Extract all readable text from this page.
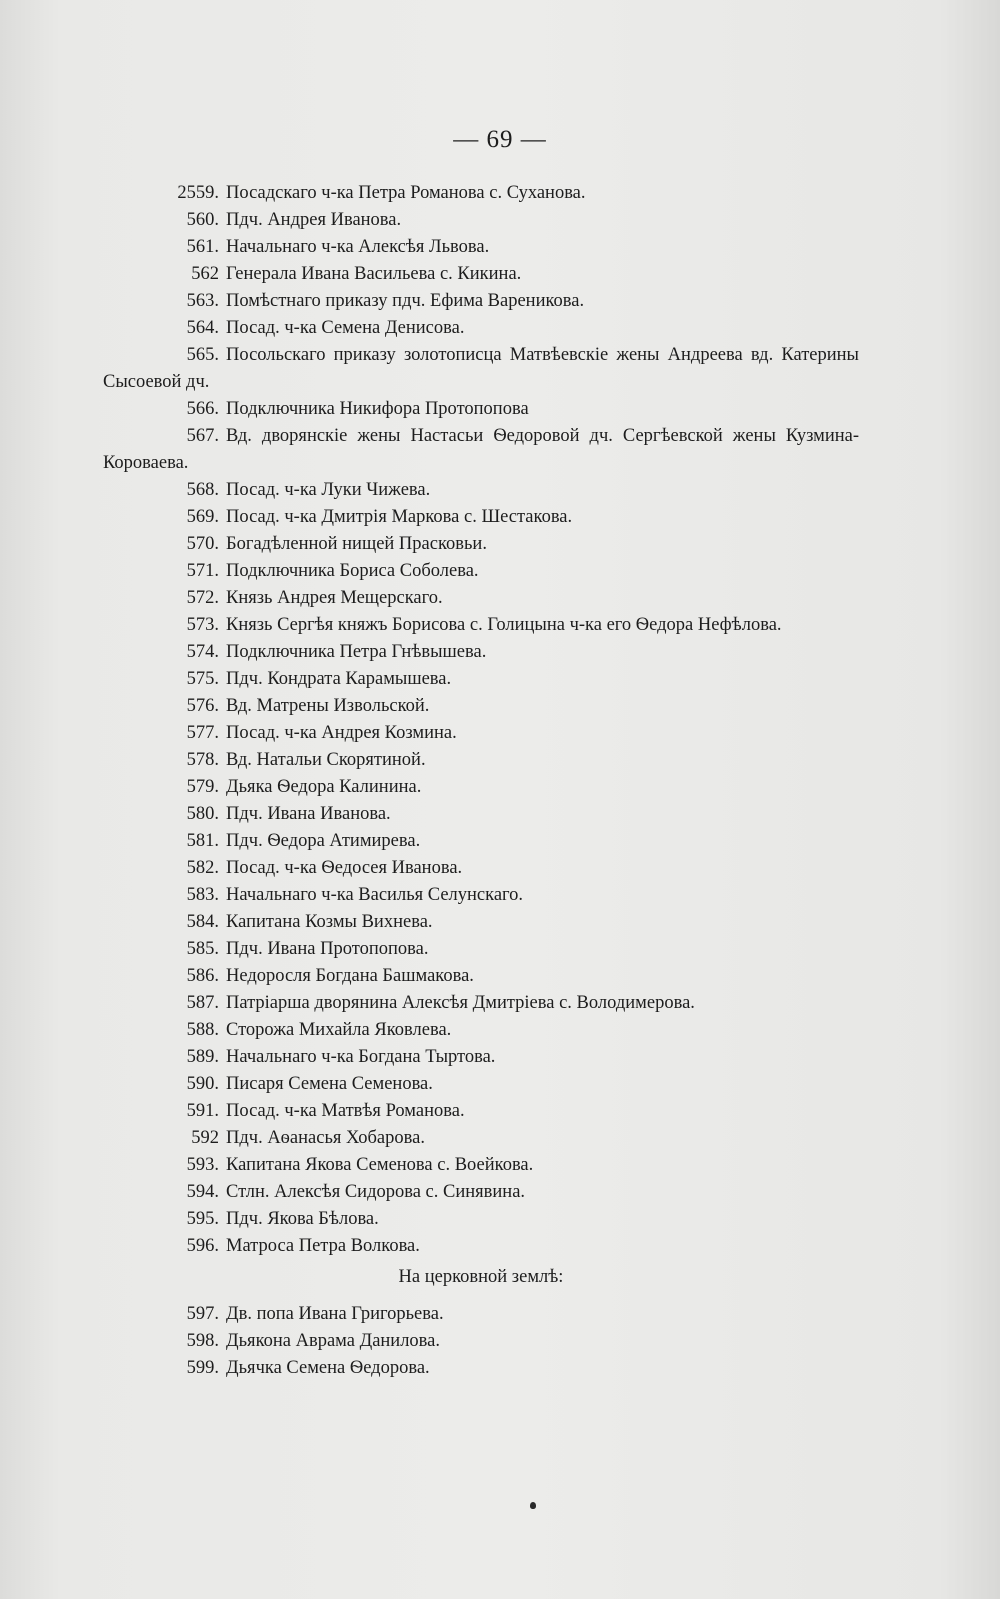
— 69 —
2559. Посадскаго ч-ка Петра Романова с. Суханова.
560. Пдч. Андрея Иванова.
561. Начальнаго ч-ка Алексѣя Львова.
562 Генерала Ивана Васильева с. Кикина.
563. Помѣстнаго приказу пдч. Ефима Вареникова.
564. Посад. ч-ка Семена Денисова.
565. Посольскаго приказу золотописца Матвѣевскіе жены Андреева вд. Катерины Сысоевой дч.
566. Подключника Никифора Протопопова
567. Вд. дворянскіе жены Настасьи Ѳедоровой дч. Сергѣевской жены Кузмина-Короваева.
568. Посад. ч-ка Луки Чижева.
569. Посад. ч-ка Дмитрія Маркова с. Шестакова.
570. Богадѣленной нищей Прасковьи.
571. Подключника Бориса Соболева.
572. Князь Андрея Мещерскаго.
573. Князь Сергѣя княжъ Борисова с. Голицына ч-ка его Ѳедора Нефѣлова.
574. Подключника Петра Гнѣвышева.
575. Пдч. Кондрата Карамышева.
576. Вд. Матрены Извольской.
577. Посад. ч-ка Андрея Козмина.
578. Вд. Натальи Скорятиной.
579. Дьяка Ѳедора Калинина.
580. Пдч. Ивана Иванова.
581. Пдч. Ѳедора Атимирева.
582. Посад. ч-ка Ѳедосея Иванова.
583. Начальнаго ч-ка Василья Селунскаго.
584. Капитана Козмы Вихнева.
585. Пдч. Ивана Протопопова.
586. Недоросля Богдана Башмакова.
587. Патріарша дворянина Алексѣя Дмитріева с. Володимерова.
588. Сторожа Михайла Яковлева.
589. Начальнаго ч-ка Богдана Тыртова.
590. Писаря Семена Семенова.
591. Посад. ч-ка Матвѣя Романова.
592 Пдч. Аѳанасья Хобарова.
593. Капитана Якова Семенова с. Воейкова.
594. Стлн. Алексѣя Сидорова с. Синявина.
595. Пдч. Якова Бѣлова.
596. Матроса Петра Волкова.
На церковной землѣ:
597. Дв. попа Ивана Григорьева.
598. Дьякона Аврама Данилова.
599. Дьячка Семена Ѳедорова.
